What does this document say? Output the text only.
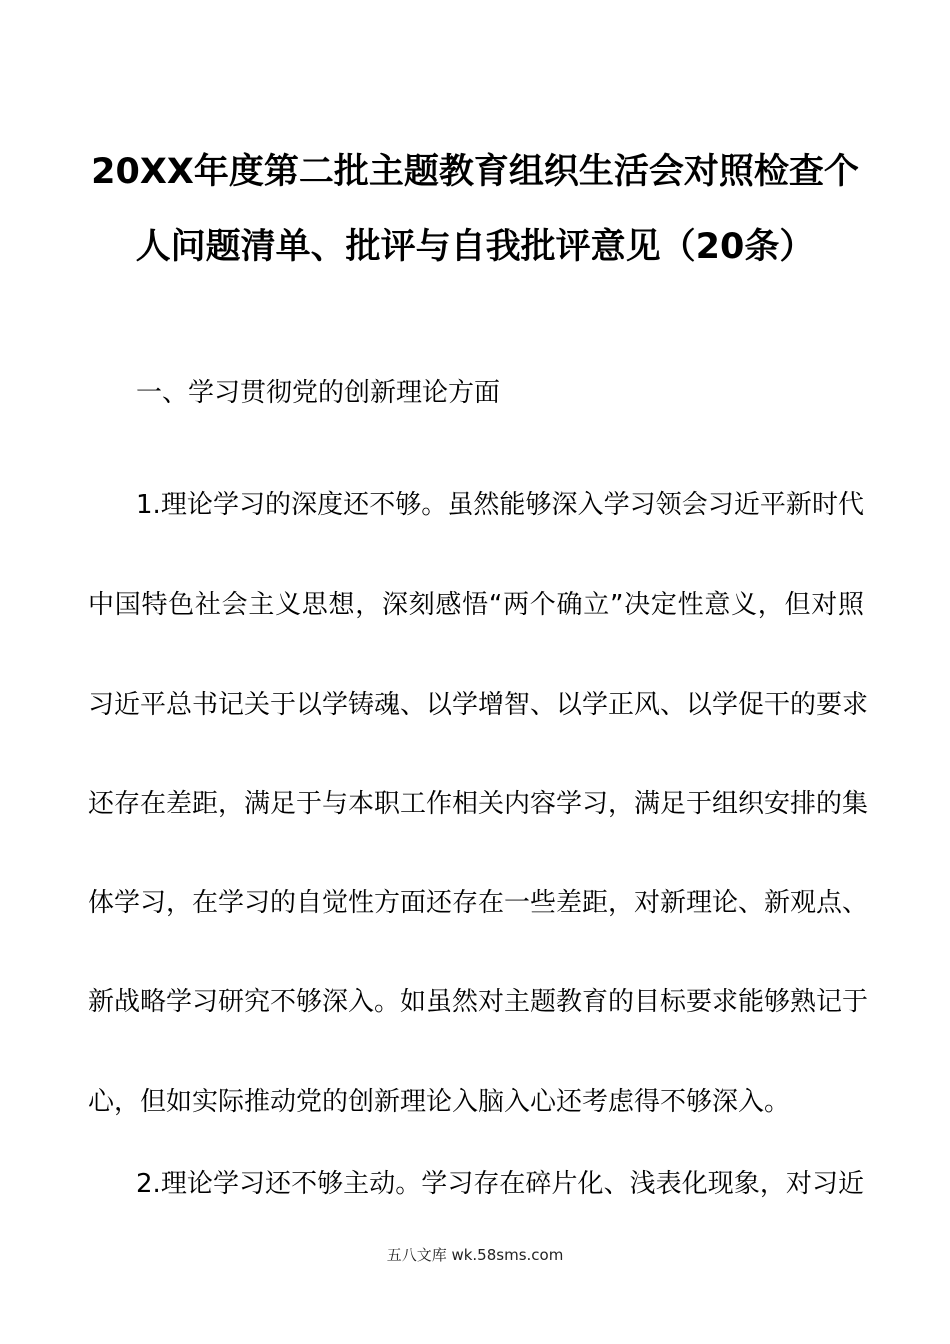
20XX年度第二批主题教育组织生活会对照检查个
人问题清单、批评与自我批评意见（20条）
一、学习贯彻党的创新理论方面
1.理论学习的深度还不够。虽然能够深入学习领会习近平新时代
中国特色社会主义思想，深刻感悟“两个确立”决定性意义，但对照
习近平总书记关于以学铸魂、以学增智、以学正风、以学促干的要求
还存在差距，满足于与本职工作相关内容学习，满足于组织安排的集
体学习，在学习的自觉性方面还存在一些差距，对新理论、新观点、
新战略学习研究不够深入。如虽然对主题教育的目标要求能够熟记于
心，但如实际推动党的创新理论入脑入心还考虑得不够深入。
2.理论学习还不够主动。学习存在碎片化、浅表化现象，对习近
五八文库 wk.58sms.com
